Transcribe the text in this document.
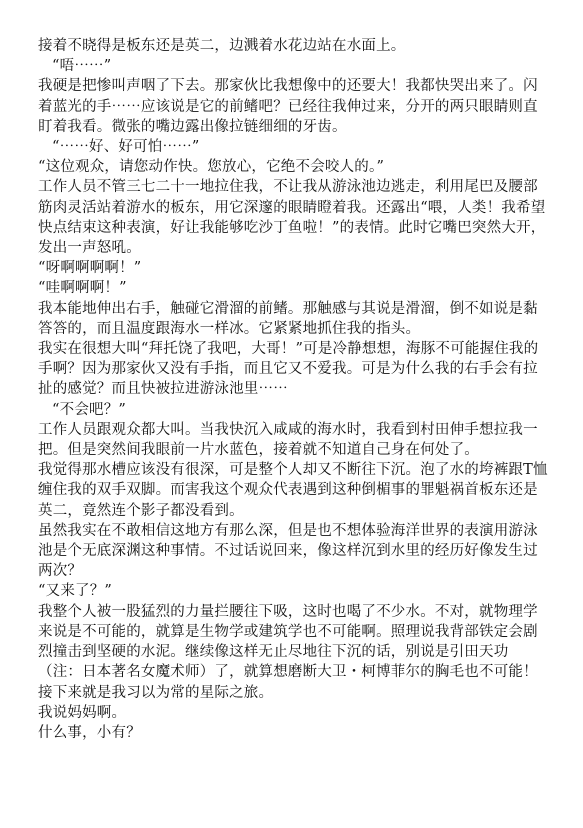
接着不晓得是板东还是英二，边溅着水花边站在水面上。

“唔⋯⋯”

我硬是把惨叫声咽了下去。那家伙比我想像中的还要大！我都快哭出来了。闪着蓝光的手⋯⋯应该说是它的前鳍吧？已经往我伸过来，分开的两只眼睛则直盯着我看。微张的嘴边露出像拉链细细的牙齿。

“⋯⋯好、好可怕⋯⋯”

“这位观众，请您动作快。您放心，它绝不会咬人的。”

工作人员不管三七二十一地拉住我，不让我从游泳池边逃走，利用尾巴及腰部筋肉灵活站着游水的板东，用它深邃的眼睛瞪着我。还露出“喂，人类！我希望快点结束这种表演，好让我能够吃沙丁鱼啦！”的表情。此时它嘴巴突然大开，发出一声怒吼。

“呀啊啊啊啊！”

“哇啊啊啊！”

我本能地伸出右手，触碰它滑溜的前鳍。那触感与其说是滑溜，倒不如说是黏答答的，而且温度跟海水一样冰。它紧紧地抓住我的指头。

我实在很想大叫“拜托饶了我吧，大哥！”可是冷静想想，海豚不可能握住我的手啊？因为那家伙又没有手指，而且它又不爱我。可是为什么我的右手会有拉扯的感觉？而且快被拉进游泳池里⋯⋯

“不会吧？”

工作人员跟观众都大叫。当我快沉入咸咸的海水时，我看到村田伸手想拉我一把。但是突然间我眼前一片水蓝色，接着就不知道自己身在何处了。

我觉得那水槽应该没有很深，可是整个人却又不断往下沉。泡了水的垮裤跟T恤缠住我的双手双脚。而害我这个观众代表遇到这种倒楣事的罪魁祸首板东还是英二，竟然连个影子都没看到。

虽然我实在不敢相信这地方有那么深，但是也不想体验海洋世界的表演用游泳池是个无底深渊这种事情。不过话说回来，像这样沉到水里的经历好像发生过两次？

“又来了？”

我整个人被一股猛烈的力量拦腰往下吸，这时也喝了不少水。不对，就物理学来说是不可能的，就算是生物学或建筑学也不可能啊。照理说我背部铁定会剧烈撞击到坚硬的水泥。继续像这样无止尽地往下沉的话，别说是引田天功（注：日本著名女魔术师）了，就算想磨断大卫・柯博菲尔的胸毛也不可能！

接下来就是我习以为常的星际之旅。

我说妈妈啊。

什么事，小有？
